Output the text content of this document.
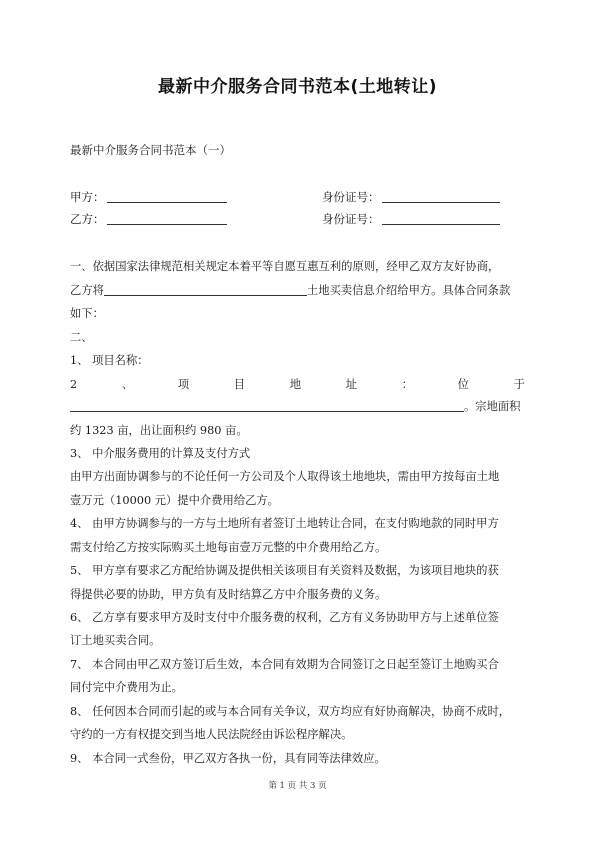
最新中介服务合同书范本(土地转让)
最新中介服务合同书范本（一）
甲方：	身份证号：
乙方：	身份证号：
一、依据国家法律规范相关规定本着平等自愿互惠互利的原则，经甲乙双方友好协商，
乙方将	土地买卖信息介绍给甲方。具体合同条款
如下：
二、
1、 项目名称：
2	、	项	目	地	址	：	位	于
。宗地面积
约 1323 亩，出让面积约 980 亩。
3、 中介服务费用的计算及支付方式
由甲方出面协调参与的不论任何一方公司及个人取得该土地地块，需由甲方按每亩土地
壹万元（10000 元）提中介费用给乙方。
4、 由甲方协调参与的一方与土地所有者签订土地转让合同，在支付购地款的同时甲方
需支付给乙方按实际购买土地每亩壹万元整的中介费用给乙方。
5、 甲方享有要求乙方配给协调及提供相关该项目有关资料及数据，为该项目地块的获
得提供必要的协助，甲方负有及时结算乙方中介服务费的义务。
6、 乙方享有要求甲方及时支付中介服务费的权利，乙方有义务协助甲方与上述单位签
订土地买卖合同。
7、 本合同由甲乙双方签订后生效，本合同有效期为合同签订之日起至签订土地购买合
同付完中介费用为止。
8、 任何因本合同而引起的或与本合同有关争议，双方均应有好协商解决，协商不成时，
守约的一方有权提交到当地人民法院经由诉讼程序解决。
9、 本合同一式叁份，甲乙双方各执一份，具有同等法律效应。
第 1 页 共 3 页
